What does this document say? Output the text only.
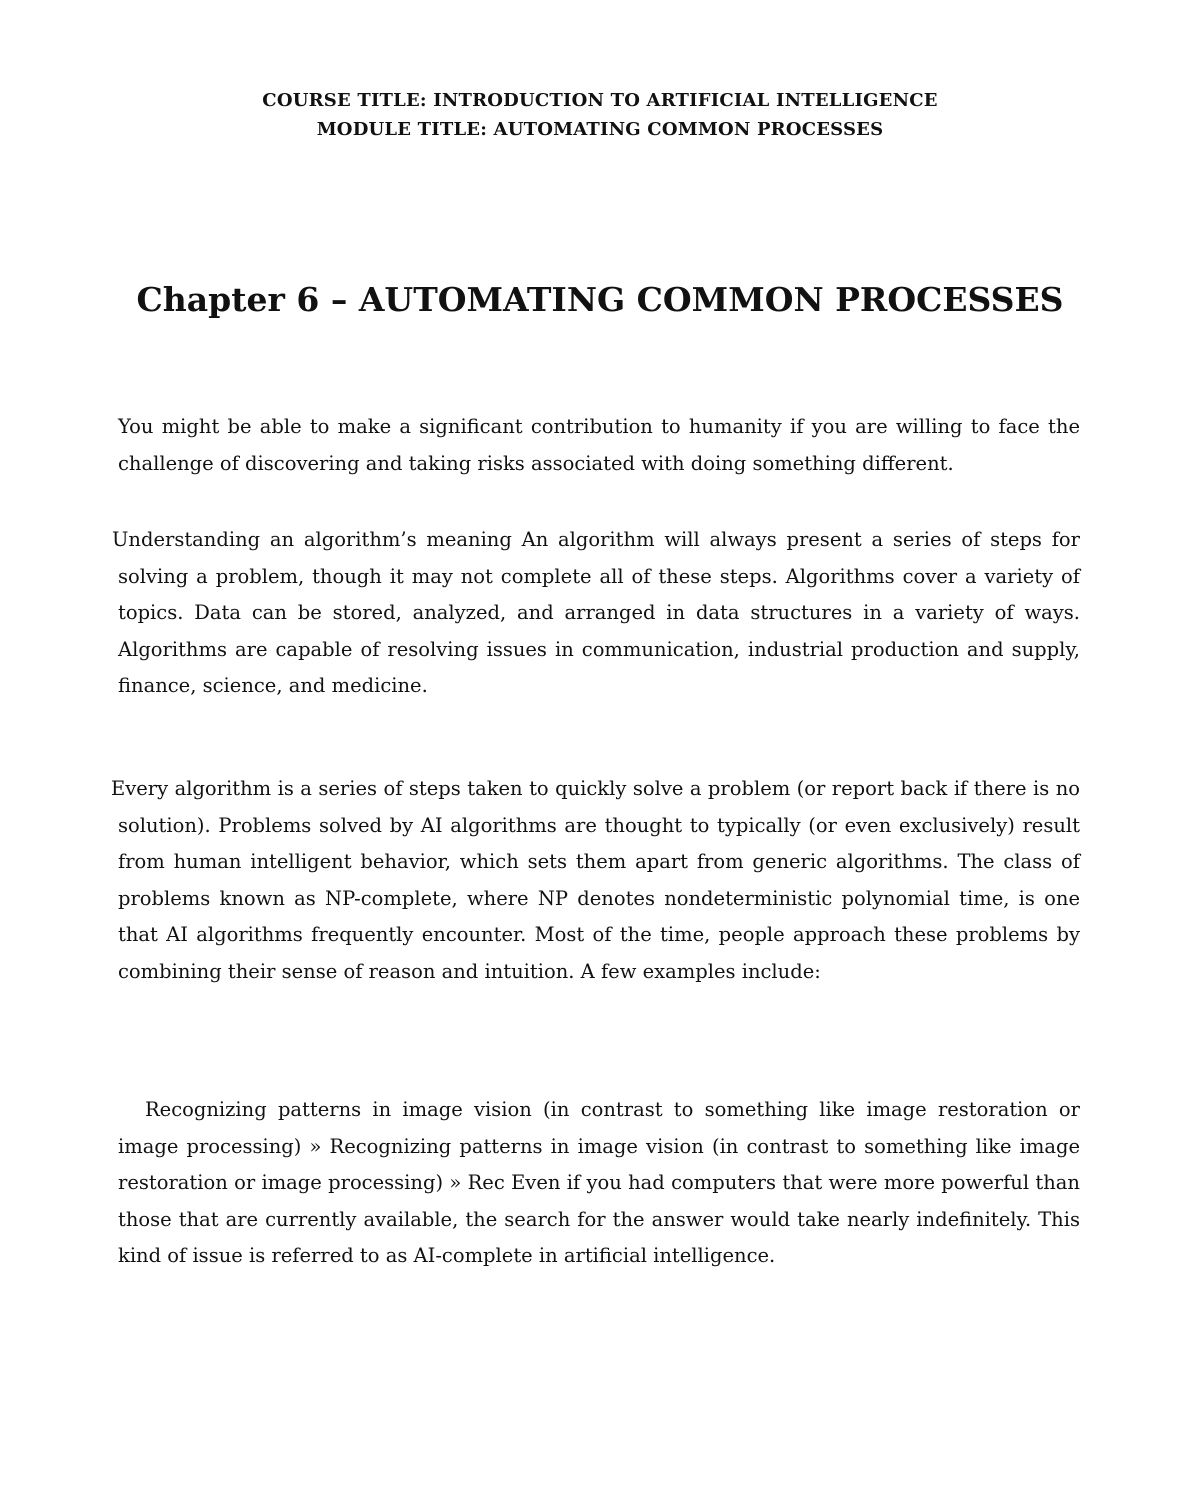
COURSE TITLE: INTRODUCTION TO ARTIFICIAL INTELLIGENCE
MODULE TITLE: AUTOMATING COMMON PROCESSES
Chapter 6 – AUTOMATING COMMON PROCESSES

You might be able to make a significant contribution to humanity if you are willing to face the challenge of discovering and taking risks associated with doing something different.

Understanding an algorithm’s meaning An algorithm will always present a series of steps for solving a problem, though it may not complete all of these steps. Algorithms cover a variety of topics. Data can be stored, analyzed, and arranged in data structures in a variety of ways. Algorithms are capable of resolving issues in communication, industrial production and supply, finance, science, and medicine.

Every algorithm is a series of steps taken to quickly solve a problem (or report back if there is no solution). Problems solved by AI algorithms are thought to typically (or even exclusively) result from human intelligent behavior, which sets them apart from generic algorithms. The class of problems known as NP-complete, where NP denotes nondeterministic polynomial time, is one that AI algorithms frequently encounter. Most of the time, people approach these problems by combining their sense of reason and intuition. A few examples include:

Recognizing patterns in image vision (in contrast to something like image restoration or image processing) » Recognizing patterns in image vision (in contrast to something like image restoration or image processing) » Rec Even if you had computers that were more powerful than those that are currently available, the search for the answer would take nearly indefinitely. This kind of issue is referred to as AI-complete in artificial intelligence.
